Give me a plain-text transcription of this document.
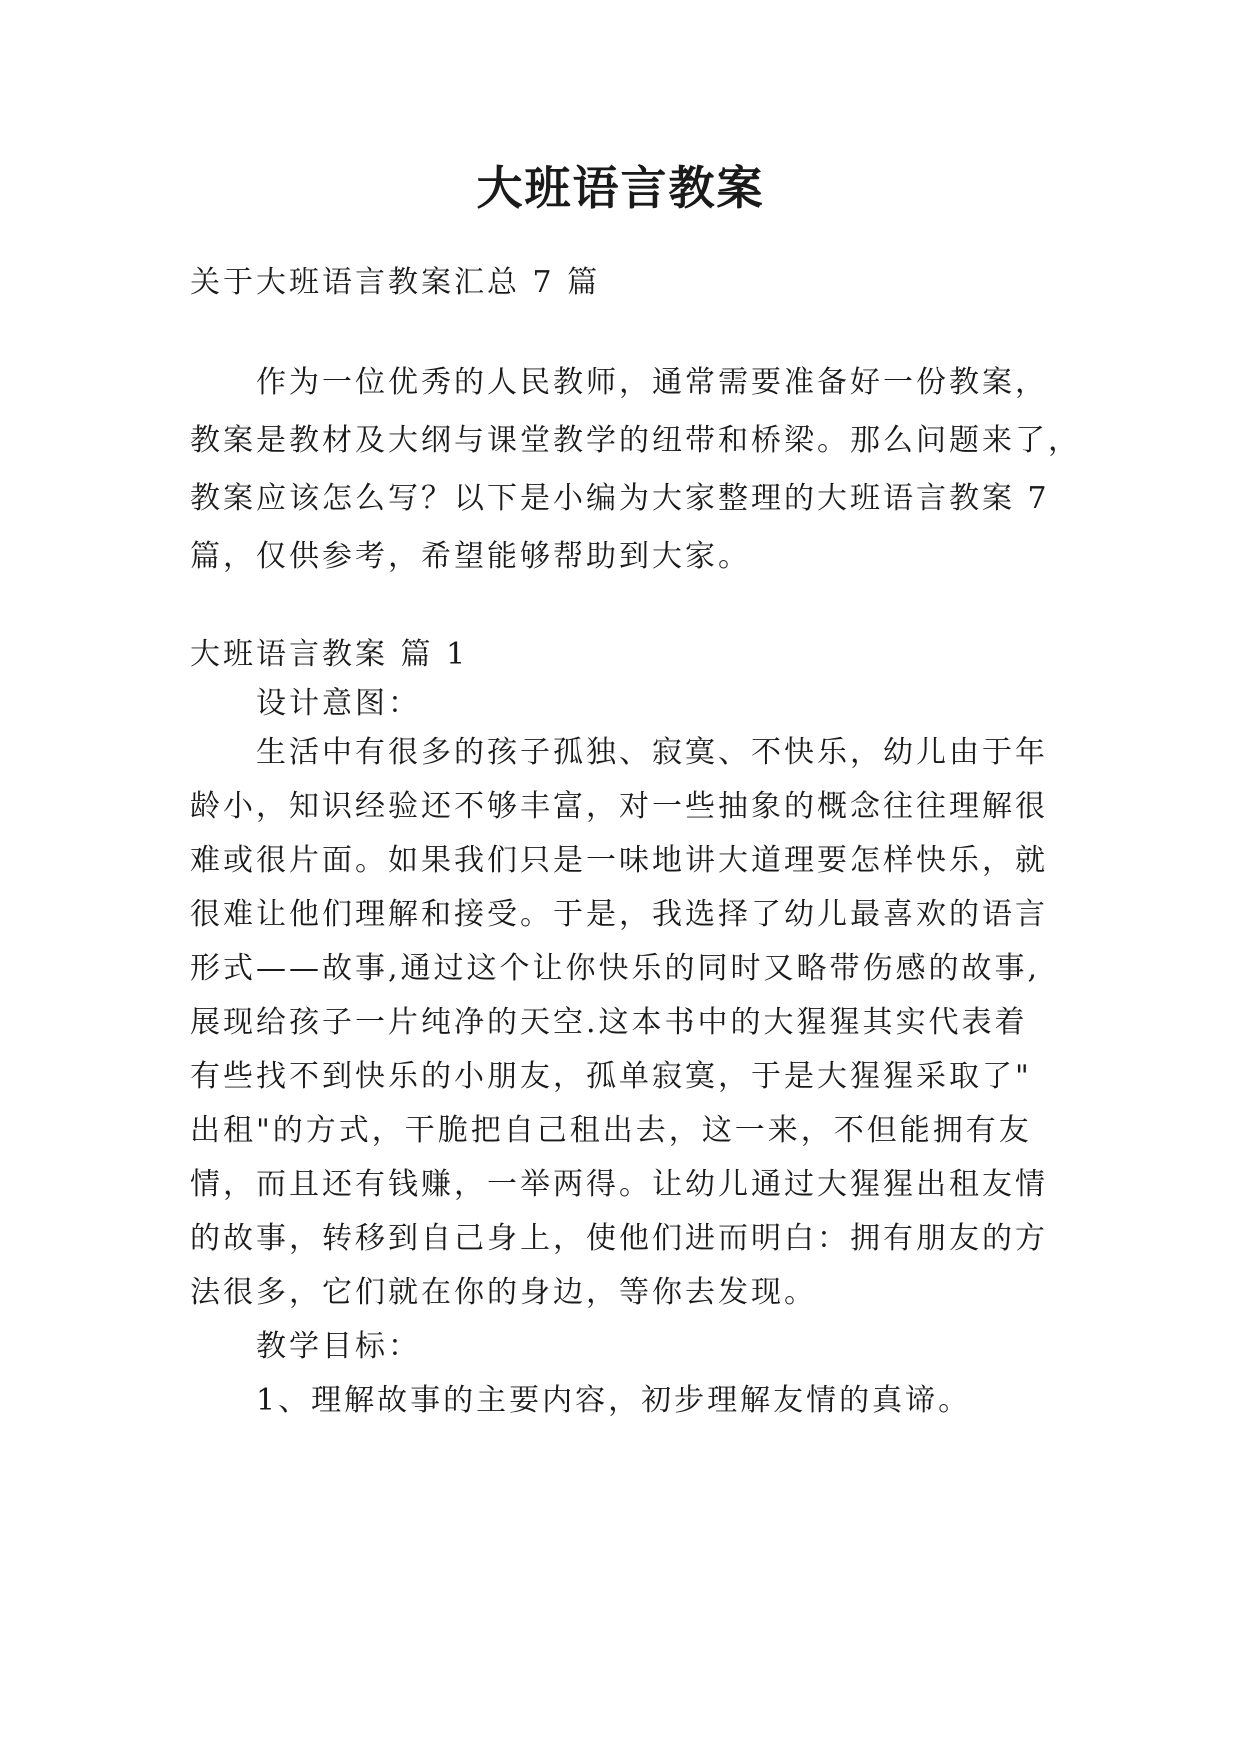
大班语言教案
关于大班语言教案汇总 7 篇
作为一位优秀的人民教师，通常需要准备好一份教案，
教案是教材及大纲与课堂教学的纽带和桥梁。那么问题来了，
教案应该怎么写？以下是小编为大家整理的大班语言教案 7
篇，仅供参考，希望能够帮助到大家。
大班语言教案 篇 1
设计意图：
生活中有很多的孩子孤独、寂寞、不快乐，幼儿由于年
龄小，知识经验还不够丰富，对一些抽象的概念往往理解很
难或很片面。如果我们只是一味地讲大道理要怎样快乐，就
很难让他们理解和接受。于是，我选择了幼儿最喜欢的语言
形式——故事,通过这个让你快乐的同时又略带伤感的故事,
展现给孩子一片纯净的天空.这本书中的大猩猩其实代表着
有些找不到快乐的小朋友，孤单寂寞，于是大猩猩采取了"
出租"的方式，干脆把自己租出去，这一来，不但能拥有友
情，而且还有钱赚，一举两得。让幼儿通过大猩猩出租友情
的故事，转移到自己身上，使他们进而明白：拥有朋友的方
法很多，它们就在你的身边，等你去发现。
教学目标：
1、理解故事的主要内容，初步理解友情的真谛。
